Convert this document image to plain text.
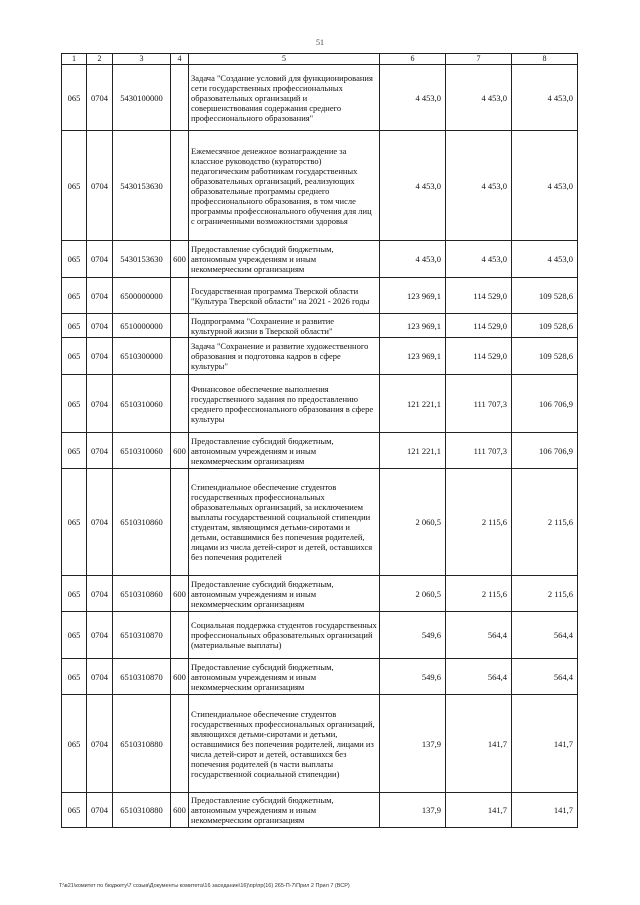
51
1	2	3	4	5	6	7	8
065	0704	5430100000		Задача "Создание условий для функционирования сети государственных профессиональных образовательных организаций и совершенствования содержания среднего профессионального образования"	4 453,0	4 453,0	4 453,0
065	0704	5430153630		Ежемесячное денежное вознаграждение за классное руководство (кураторство) педагогическим работникам государственных образовательных организаций, реализующих образовательные программы среднего профессионального образования, в том числе программы профессионального обучения для лиц с ограниченными возможностями здоровья	4 453,0	4 453,0	4 453,0
065	0704	5430153630	600	Предоставление субсидий бюджетным, автономным учреждениям и иным некоммерческим организациям	4 453,0	4 453,0	4 453,0
065	0704	6500000000		Государственная программа Тверской области "Культура Тверской области" на 2021 - 2026 годы	123 969,1	114 529,0	109 528,6
065	0704	6510000000		Подпрограмма "Сохранение и развитие культурной жизни в Тверской области"	123 969,1	114 529,0	109 528,6
065	0704	6510300000		Задача "Сохранение и развитие художественного образования и подготовка кадров в сфере культуры"	123 969,1	114 529,0	109 528,6
065	0704	6510310060		Финансовое обеспечение выполнения государственного задания по предоставлению среднего профессионального образования в сфере культуры	121 221,1	111 707,3	106 706,9
065	0704	6510310060	600	Предоставление субсидий бюджетным, автономным учреждениям и иным некоммерческим организациям	121 221,1	111 707,3	106 706,9
065	0704	6510310860		Стипендиальное обеспечение студентов государственных профессиональных образовательных организаций, за исключением выплаты государственной социальной стипендии студентам, являющимся детьми-сиротами и детьми, оставшимися без попечения родителей, лицами из числа детей-сирот и детей, оставшихся без попечения родителей	2 060,5	2 115,6	2 115,6
065	0704	6510310860	600	Предоставление субсидий бюджетным, автономным учреждениям и иным некоммерческим организациям	2 060,5	2 115,6	2 115,6
065	0704	6510310870		Социальная поддержка студентов государственных профессиональных образовательных организаций (материальные выплаты)	549,6	564,4	564,4
065	0704	6510310870	600	Предоставление субсидий бюджетным, автономным учреждениям и иным некоммерческим организациям	549,6	564,4	564,4
065	0704	6510310880		Стипендиальное обеспечение студентов государственных профессиональных организаций, являющихся детьми-сиротами и детьми, оставшимися без попечения родителей, лицами из числа детей-сирот и детей, оставшихся без попечения родителей (в части выплаты государственной социальной стипендии)	137,9	141,7	141,7
065	0704	6510310880	600	Предоставление субсидий бюджетным, автономным учреждениям и иным некоммерческим организациям	137,9	141,7	141,7
T:\в21\комитет по бюджету\7 созыв\Документы комитета\16 заседание\16)\пр\пр(16) 265-П-7\Прил 2 Прил 7 (ВСР)
